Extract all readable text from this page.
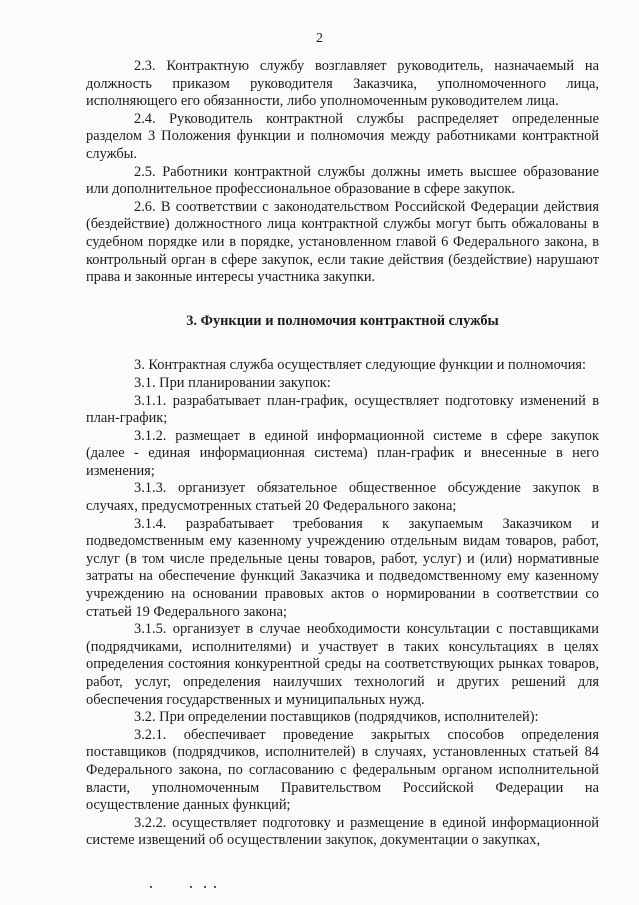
2

2.3. Контрактную службу возглавляет руководитель, назначаемый на должность приказом руководителя Заказчика, уполномоченного лица, исполняющего его обязанности, либо уполномоченным руководителем лица.

2.4. Руководитель контрактной службы распределяет определенные разделом 3 Положения функции и полномочия между работниками контрактной службы.

2.5. Работники контрактной службы должны иметь высшее образование или дополнительное профессиональное образование в сфере закупок.

2.6. В соответствии с законодательством Российской Федерации действия (бездействие) должностного лица контрактной службы могут быть обжалованы в судебном порядке или в порядке, установленном главой 6 Федерального закона, в контрольный орган в сфере закупок, если такие действия (бездействие) нарушают права и законные интересы участника закупки.

3. Функции и полномочия контрактной службы

3. Контрактная служба осуществляет следующие функции и полномочия:

3.1. При планировании закупок:

3.1.1. разрабатывает план-график, осуществляет подготовку изменений в план-график;

3.1.2. размещает в единой информационной системе в сфере закупок (далее - единая информационная система) план-график и внесенные в него изменения;

3.1.3. организует обязательное общественное обсуждение закупок в случаях, предусмотренных статьей 20 Федерального закона;

3.1.4. разрабатывает требования к закупаемым Заказчиком и подведомственным ему казенному учреждению отдельным видам товаров, работ, услуг (в том числе предельные цены товаров, работ, услуг) и (или) нормативные затраты на обеспечение функций Заказчика и подведомственному ему казенному учреждению на основании правовых актов о нормировании в соответствии со статьей 19 Федерального закона;

3.1.5. организует в случае необходимости консультации с поставщиками (подрядчиками, исполнителями) и участвует в таких консультациях в целях определения состояния конкурентной среды на соответствующих рынках товаров, работ, услуг, определения наилучших технологий и других решений для обеспечения государственных и муниципальных нужд.

3.2. При определении поставщиков (подрядчиков, исполнителей):

3.2.1. обеспечивает проведение закрытых способов определения поставщиков (подрядчиков, исполнителей) в случаях, установленных статьей 84 Федерального закона, по согласованию с федеральным органом исполнительной власти, уполномоченным Правительством Российской Федерации на осуществление данных функций;

3.2.2. осуществляет подготовку и размещение в единой информационной системе извещений об осуществлении закупок, документации о закупках,
